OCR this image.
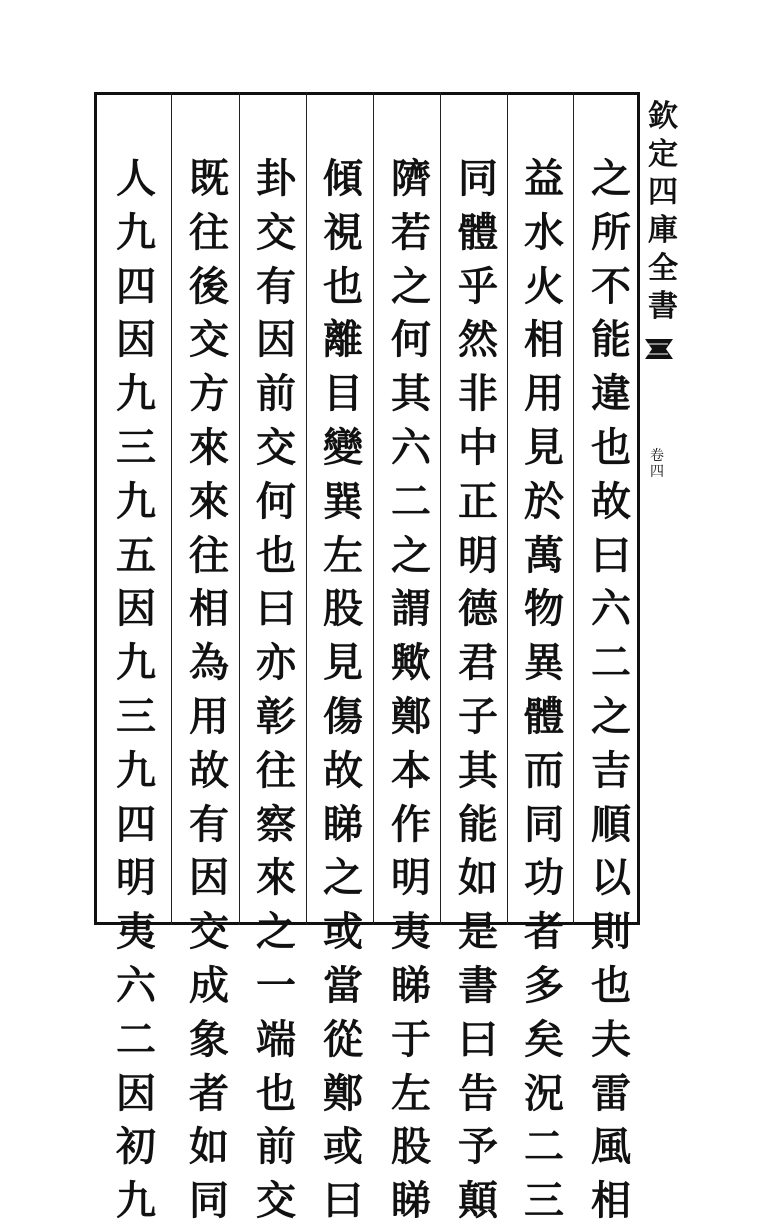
之
所
不
能
違
也
故
曰
六
二
之
吉
順
以
則
也
夫
雷
風
相
益
水
火
相
用
見
於
萬
物
異
體
而
同
功
者
多
矣
況
二
三
同
體
乎
然
非
中
正
明
德
君
子
其
能
如
是
書
曰
告
予
顛
隮
若
之
何
其
六
二
之
謂
歟
鄭
本
作
明
夷
睇
于
左
股
睇
傾
視
也
離
目
變
巽
左
股
見
傷
故
睇
之
或
當
從
鄭
或
曰
卦
交
有
因
前
交
何
也
曰
亦
彰
往
察
來
之
一
端
也
前
交
既
往
後
交
方
來
來
往
相
為
用
故
有
因
交
成
象
者
如
同
人
九
四
因
九
三
九
五
因
九
三
九
四
明
夷
六
二
因
初
九
欽
定
四
庫
全
書
卷
四
